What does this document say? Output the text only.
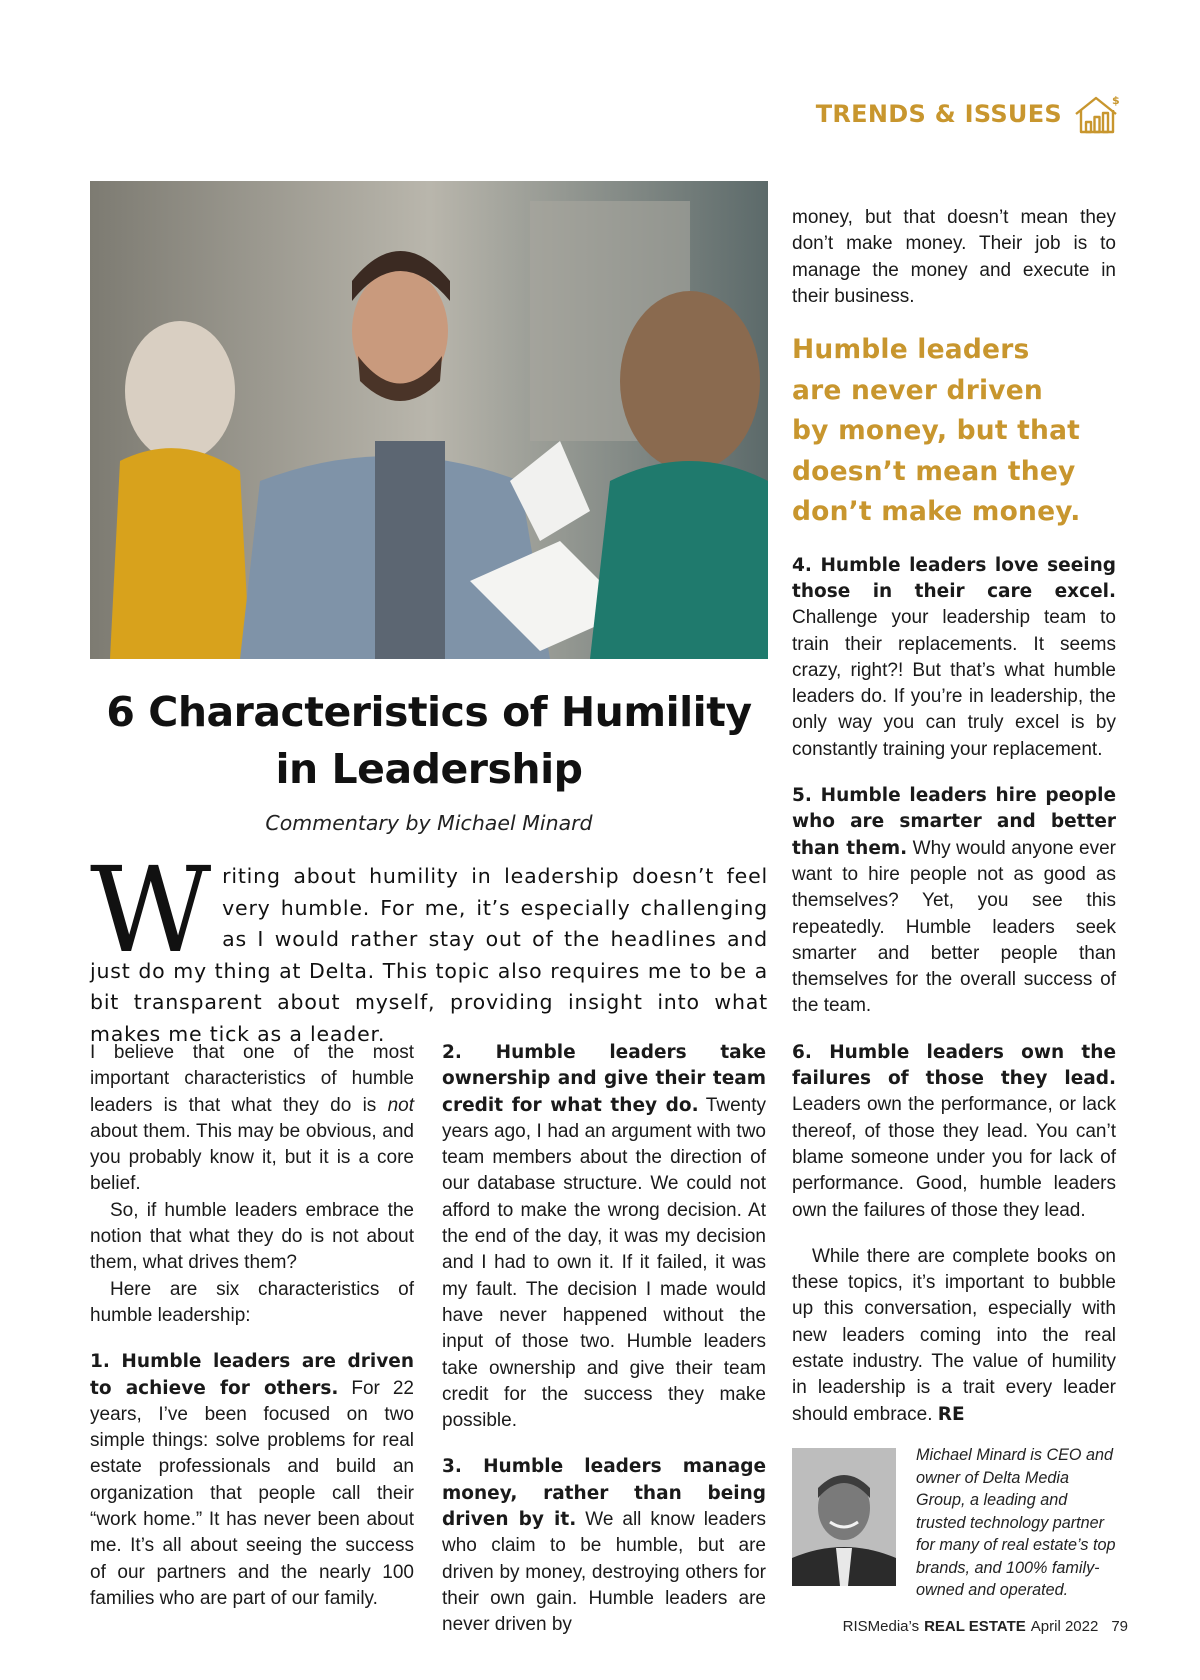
TRENDS & ISSUES	$
6 Characteristics of Humility
in Leadership
Commentary by Michael Minard
Writing about humility in leadership doesn’t feel very humble. For me, it’s especially challenging as I would rather stay out of the headlines and just do my thing at Delta. This topic also requires me to be a bit transparent about myself, providing insight into what makes me tick as a leader.

I believe that one of the most important characteristics of humble leaders is that what they do is not about them. This may be obvious, and you probably know it, but it is a core belief.

So, if humble leaders embrace the notion that what they do is not about them, what drives them?

Here are six characteristics of humble leadership:

1. Humble leaders are driven to achieve for others. For 22 years, I’ve been focused on two simple things: solve problems for real estate professionals and build an organization that people call their “work home.” It has never been about me. It’s all about seeing the success of our partners and the nearly 100 families who are part of our family.

2. Humble leaders take ownership and give their team credit for what they do. Twenty years ago, I had an argument with two team members about the direction of our database structure. We could not afford to make the wrong decision. At the end of the day, it was my decision and I had to own it. If it failed, it was my fault. The decision I made would have never happened without the input of those two. Humble leaders take ownership and give their team credit for the success they make possible.

3. Humble leaders manage money, rather than being driven by it. We all know leaders who claim to be humble, but are driven by money, destroying others for their own gain. Humble leaders are never driven by

money, but that doesn’t mean they don’t make money. Their job is to manage the money and execute in their business.

Humble leaders
are never driven
by money, but that
doesn’t mean they
don’t make money.

4. Humble leaders love seeing those in their care excel. Challenge your leadership team to train their replacements. It seems crazy, right?! But that’s what humble leaders do. If you’re in leadership, the only way you can truly excel is by constantly training your replacement.

5. Humble leaders hire people who are smarter and better than them. Why would anyone ever want to hire people not as good as themselves? Yet, you see this repeatedly. Humble leaders seek smarter and better people than themselves for the overall success of the team.

6. Humble leaders own the failures of those they lead. Leaders own the performance, or lack thereof, of those they lead. You can’t blame someone under you for lack of performance. Good, humble leaders own the failures of those they lead.

While there are complete books on these topics, it’s important to bubble up this conversation, especially with new leaders coming into the real estate industry. The value of humility in leadership is a trait every leader should embrace. RE

Michael Minard is CEO and owner of Delta Media Group, a leading and trusted technology partner for many of real estate’s top brands, and 100% family-owned and operated.
RISMedia’s REAL ESTATE April 2022 79
